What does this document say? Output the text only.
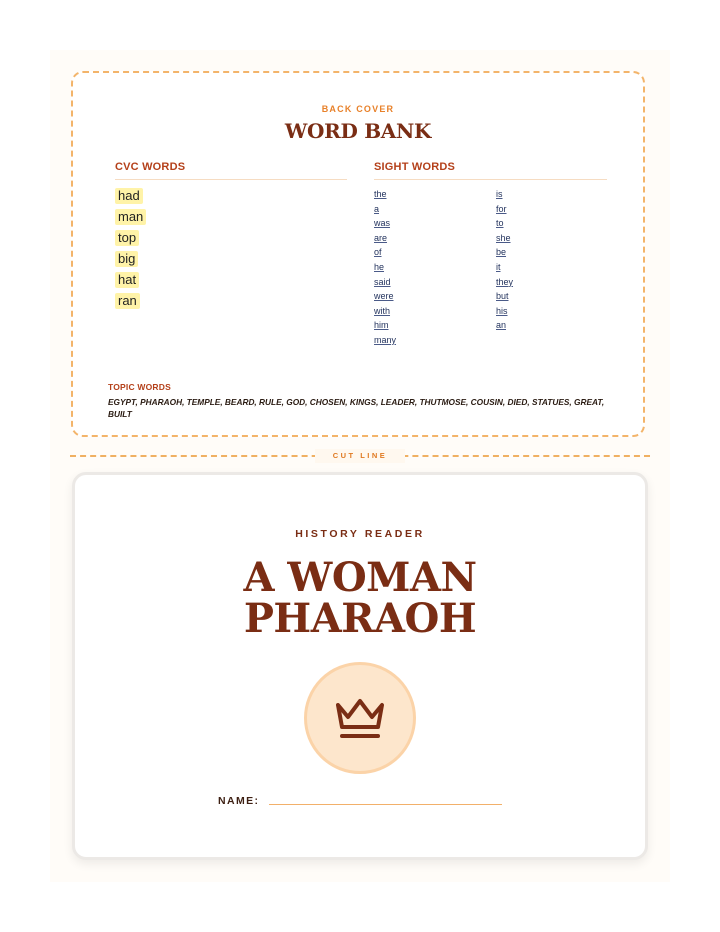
BACK COVER
WORD BANK
CVC WORDS
had
man
top
big
hat
ran
SIGHT WORDS
the
a
was
are
of
he
said
were
with
him
many
is
for
to
she
be
it
they
but
his
an
TOPIC WORDS
EGYPT, PHARAOH, TEMPLE, BEARD, RULE, GOD, CHOSEN, KINGS, LEADER, THUTMOSE, COUSIN, DIED, STATUES, GREAT, BUILT
CUT LINE
HISTORY READER
A WOMAN
PHARAOH
NAME:
